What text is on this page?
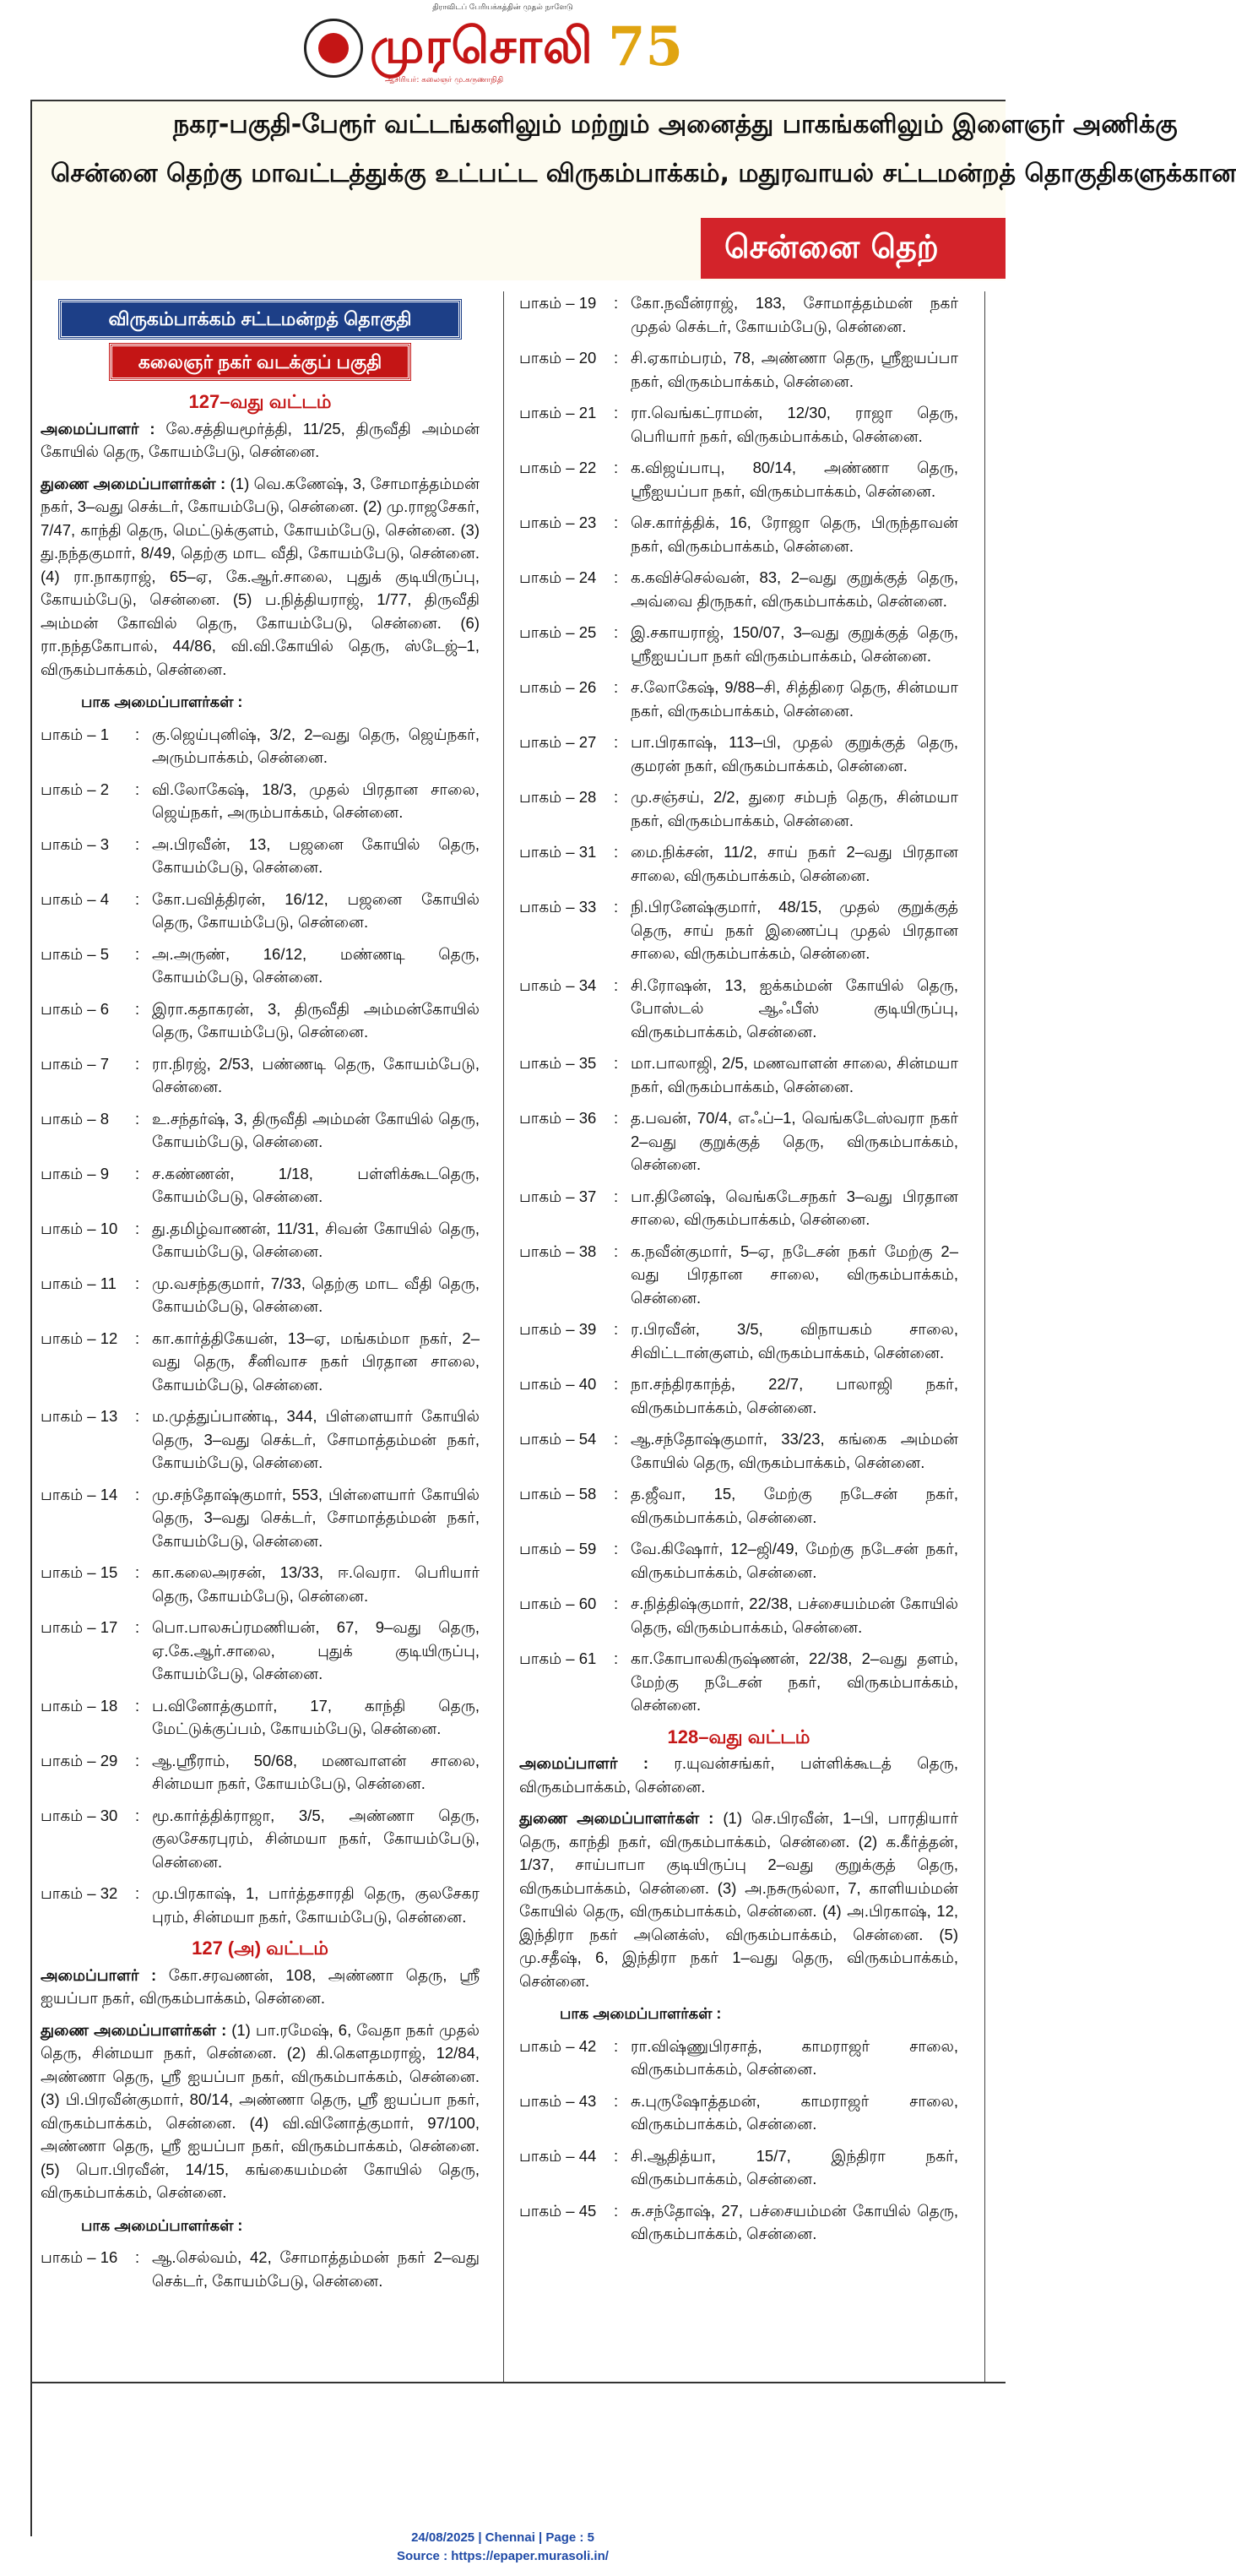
திராவிடப் பேரியக்கத்தின் முதல் நாளேடு
முரசொலி
ஆசிரியர்: கலைஞர் மு.கருணாநிதி
75
நகர-பகுதி-பேரூர் வட்டங்களிலும் மற்றும் அனைத்து பாகங்களிலும் இளைஞர் அணிக்கு
சென்னை தெற்கு மாவட்டத்துக்கு உட்பட்ட விருகம்பாக்கம், மதுரவாயல் சட்டமன்றத் தொகுதிகளுக்கான
சென்னை தெற்
விருகம்பாக்கம் சட்டமன்றத் தொகுதி
கலைஞர் நகர் வடக்குப் பகுதி
127–வது வட்டம்
அமைப்பாளர் : லே.சத்தியமூர்த்தி, 11/25, திருவீதி அம்மன் கோயில் தெரு, கோயம்பேடு, சென்னை.
துணை அமைப்பாளர்கள் : (1) வெ.கணேஷ், 3, சோமாத்தம்மன் நகர், 3–வது செக்டர், கோயம்பேடு, சென்னை. (2) மு.ராஜசேகர், 7/47, காந்தி தெரு, மெட்டுக்குளம், கோயம்பேடு, சென்னை. (3) து.நந்தகுமார், 8/49, தெற்கு மாட வீதி, கோயம்பேடு, சென்னை. (4) ரா.நாகராஜ், 65–ஏ, கே.ஆர்.சாலை, புதுக் குடியிருப்பு, கோயம்பேடு, சென்னை. (5) ப.நித்தியராஜ், 1/77, திருவீதி அம்மன் கோவில் தெரு, கோயம்பேடு, சென்னை. (6) ரா.நந்தகோபால், 44/86, வி.வி.கோயில் தெரு, ஸ்டேஜ்–1, விருகம்பாக்கம், சென்னை.
பாக அமைப்பாளர்கள் :
பாகம் – 1	: கு.ஜெய்புனிஷ், 3/2, 2–வது தெரு, ஜெய்நகர், அரும்பாக்கம், சென்னை.
பாகம் – 2	: வி.லோகேஷ், 18/3, முதல் பிரதான சாலை, ஜெய்நகர், அரும்பாக்கம், சென்னை.
பாகம் – 3	: அ.பிரவீன், 13, பஜனை கோயில் தெரு, கோயம்பேடு, சென்னை.
பாகம் – 4	: கோ.பவித்திரன், 16/12, பஜனை கோயில் தெரு, கோயம்பேடு, சென்னை.
பாகம் – 5	: அ.அருண், 16/12, மண்ணடி தெரு, கோயம்பேடு, சென்னை.
பாகம் – 6	: இரா.கதாகரன், 3, திருவீதி அம்மன்கோயில் தெரு, கோயம்பேடு, சென்னை.
பாகம் – 7	: ரா.நிரஜ், 2/53, பண்ணடி தெரு, கோயம்பேடு, சென்னை.
பாகம் – 8	: உ.சந்தர்ஷ், 3, திருவீதி அம்மன் கோயில் தெரு, கோயம்பேடு, சென்னை.
பாகம் – 9	: ச.கண்ணன், 1/18, பள்ளிக்கூடதெரு, கோயம்பேடு, சென்னை.
பாகம் – 10	: து.தமிழ்வாணன், 11/31, சிவன் கோயில் தெரு, கோயம்பேடு, சென்னை.
பாகம் – 11	: மு.வசந்தகுமார், 7/33, தெற்கு மாட வீதி தெரு, கோயம்பேடு, சென்னை.
பாகம் – 12	: கா.கார்த்திகேயன், 13–ஏ, மங்கம்மா நகர், 2–வது தெரு, சீனிவாச நகர் பிரதான சாலை, கோயம்பேடு, சென்னை.
பாகம் – 13	: ம.முத்துப்பாண்டி, 344, பிள்ளையார் கோயில் தெரு, 3–வது செக்டர், சோமாத்தம்மன் நகர், கோயம்பேடு, சென்னை.
பாகம் – 14	: மு.சந்தோஷ்குமார், 553, பிள்ளையார் கோயில் தெரு, 3–வது செக்டர், சோமாத்தம்மன் நகர், கோயம்பேடு, சென்னை.
பாகம் – 15	: கா.கலைஅரசன், 13/33, ஈ.வெரா. பெரியார் தெரு, கோயம்பேடு, சென்னை.
பாகம் – 17	: பொ.பாலசுப்ரமணியன், 67, 9–வது தெரு, ஏ.கே.ஆர்.சாலை, புதுக் குடியிருப்பு, கோயம்பேடு, சென்னை.
பாகம் – 18	: ப.வினோத்குமார், 17, காந்தி தெரு, மேட்டுக்குப்பம், கோயம்பேடு, சென்னை.
பாகம் – 29	: ஆ.ஸ்ரீராம், 50/68, மணவாளன் சாலை, சின்மயா நகர், கோயம்பேடு, சென்னை.
பாகம் – 30	: மூ.கார்த்திக்ராஜா, 3/5, அண்ணா தெரு, குலசேகரபுரம், சின்மயா நகர், கோயம்பேடு, சென்னை.
பாகம் – 32	: மு.பிரகாஷ், 1, பார்த்தசாரதி தெரு, குலசேகர புரம், சின்மயா நகர், கோயம்பேடு, சென்னை.
127 (அ) வட்டம்
அமைப்பாளர் : கோ.சரவணன், 108, அண்ணா தெரு, ஸ்ரீ ஐயப்பா நகர், விருகம்பாக்கம், சென்னை.
துணை அமைப்பாளர்கள் : (1) பா.ரமேஷ், 6, வேதா நகர் முதல் தெரு, சின்மயா நகர், சென்னை. (2) கி.கௌதமராஜ், 12/84, அண்ணா தெரு, ஸ்ரீ ஐயப்பா நகர், விருகம்பாக்கம், சென்னை. (3) பி.பிரவீன்குமார், 80/14, அண்ணா தெரு, ஸ்ரீ ஐயப்பா நகர், விருகம்பாக்கம், சென்னை. (4) வி.வினோத்குமார், 97/100, அண்ணா தெரு, ஸ்ரீ ஐயப்பா நகர், விருகம்பாக்கம், சென்னை. (5) பொ.பிரவீன், 14/15, கங்கையம்மன் கோயில் தெரு, விருகம்பாக்கம், சென்னை.
பாக அமைப்பாளர்கள் :
பாகம் – 16	: ஆ.செல்வம், 42, சோமாத்தம்மன் நகர் 2–வது செக்டர், கோயம்பேடு, சென்னை.
பாகம் – 19	: கோ.நவீன்ராஜ், 183, சோமாத்தம்மன் நகர் முதல் செக்டர், கோயம்பேடு, சென்னை.
பாகம் – 20	: சி.ஏகாம்பரம், 78, அண்ணா தெரு, ஸ்ரீஐயப்பா நகர், விருகம்பாக்கம், சென்னை.
பாகம் – 21	: ரா.வெங்கட்ராமன், 12/30, ராஜா தெரு, பெரியார் நகர், விருகம்பாக்கம், சென்னை.
பாகம் – 22	: க.விஜய்பாபு, 80/14, அண்ணா தெரு, ஸ்ரீஐயப்பா நகர், விருகம்பாக்கம், சென்னை.
பாகம் – 23	: செ.கார்த்திக், 16, ரோஜா தெரு, பிருந்தாவன் நகர், விருகம்பாக்கம், சென்னை.
பாகம் – 24	: க.கவிச்செல்வன், 83, 2–வது குறுக்குத் தெரு, அவ்வை திருநகர், விருகம்பாக்கம், சென்னை.
பாகம் – 25	: இ.சகாயராஜ், 150/07, 3–வது குறுக்குத் தெரு, ஸ்ரீஐயப்பா நகர் விருகம்பாக்கம், சென்னை.
பாகம் – 26	: ச.லோகேஷ், 9/88–சி, சித்திரை தெரு, சின்மயா நகர், விருகம்பாக்கம், சென்னை.
பாகம் – 27	: பா.பிரகாஷ், 113–பி, முதல் குறுக்குத் தெரு, குமரன் நகர், விருகம்பாக்கம், சென்னை.
பாகம் – 28	: மு.சஞ்சய், 2/2, துரை சம்பந் தெரு, சின்மயா நகர், விருகம்பாக்கம், சென்னை.
பாகம் – 31	: மை.நிக்சன், 11/2, சாய் நகர் 2–வது பிரதான சாலை, விருகம்பாக்கம், சென்னை.
பாகம் – 33	: நி.பிரனேஷ்குமார், 48/15, முதல் குறுக்குத் தெரு, சாய் நகர் இணைப்பு முதல் பிரதான சாலை, விருகம்பாக்கம், சென்னை.
பாகம் – 34	: சி.ரோஷன், 13, ஐக்கம்மன் கோயில் தெரு, போஸ்டல் ஆஃபீஸ் குடியிருப்பு, விருகம்பாக்கம், சென்னை.
பாகம் – 35	: மா.பாலாஜி, 2/5, மணவாளன் சாலை, சின்மயா நகர், விருகம்பாக்கம், சென்னை.
பாகம் – 36	: த.பவன், 70/4, எஃப்–1, வெங்கடேஸ்வரா நகர் 2–வது குறுக்குத் தெரு, விருகம்பாக்கம், சென்னை.
பாகம் – 37	: பா.தினேஷ், வெங்கடேசநகர் 3–வது பிரதான சாலை, விருகம்பாக்கம், சென்னை.
பாகம் – 38	: க.நவீன்குமார், 5–ஏ, நடேசன் நகர் மேற்கு 2–வது பிரதான சாலை, விருகம்பாக்கம், சென்னை.
பாகம் – 39	: ர.பிரவீன், 3/5, விநாயகம் சாலை, சிவிட்டான்குளம், விருகம்பாக்கம், சென்னை.
பாகம் – 40	: நா.சந்திரகாந்த், 22/7, பாலாஜி நகர், விருகம்பாக்கம், சென்னை.
பாகம் – 54	: ஆ.சந்தோஷ்குமார், 33/23, கங்கை அம்மன் கோயில் தெரு, விருகம்பாக்கம், சென்னை.
பாகம் – 58	: த.ஜீவா, 15, மேற்கு நடேசன் நகர், விருகம்பாக்கம், சென்னை.
பாகம் – 59	: வே.கிஷோர், 12–ஜி/49, மேற்கு நடேசன் நகர், விருகம்பாக்கம், சென்னை.
பாகம் – 60	: ச.நித்திஷ்குமார், 22/38, பச்சையம்மன் கோயில் தெரு, விருகம்பாக்கம், சென்னை.
பாகம் – 61	: கா.கோபாலகிருஷ்ணன், 22/38, 2–வது தளம், மேற்கு நடேசன் நகர், விருகம்பாக்கம், சென்னை.
128–வது வட்டம்
அமைப்பாளர் : ர.யுவன்சங்கர், பள்ளிக்கூடத் தெரு, விருகம்பாக்கம், சென்னை.
துணை அமைப்பாளர்கள் : (1) செ.பிரவீன், 1–பி, பாரதியார் தெரு, காந்தி நகர், விருகம்பாக்கம், சென்னை. (2) க.கீர்த்தன், 1/37, சாய்பாபா குடியிருப்பு 2–வது குறுக்குத் தெரு, விருகம்பாக்கம், சென்னை. (3) அ.நசுருல்லா, 7, காளியம்மன் கோயில் தெரு, விருகம்பாக்கம், சென்னை. (4) அ.பிரகாஷ், 12, இந்திரா நகர் அனெக்ஸ், விருகம்பாக்கம், சென்னை. (5) மு.சதீஷ், 6, இந்திரா நகர் 1–வது தெரு, விருகம்பாக்கம், சென்னை.
பாக அமைப்பாளர்கள் :
பாகம் – 42	: ரா.விஷ்ணுபிரசாத், காமராஜர் சாலை, விருகம்பாக்கம், சென்னை.
பாகம் – 43	: சு.புருஷோத்தமன், காமராஜர் சாலை, விருகம்பாக்கம், சென்னை.
பாகம் – 44	: சி.ஆதித்யா, 15/7, இந்திரா நகர், விருகம்பாக்கம், சென்னை.
பாகம் – 45	: சு.சந்தோஷ், 27, பச்சையம்மன் கோயில் தெரு, விருகம்பாக்கம், சென்னை.
24/08/2025 | Chennai | Page : 5
Source : https://epaper.murasoli.in/
